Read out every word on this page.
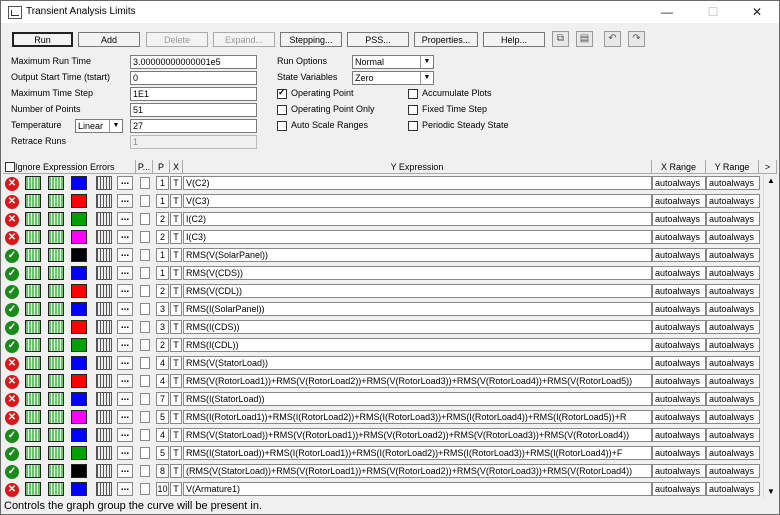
Transient Analysis Limits	—	☐	✕
Run	Add	Delete	Expand...	Stepping...	PSS...	Properties...	Help...	⧉	▤	↶	↷
Maximum Run Time	3.00000000000001e5
Output Start Time (tstart)	0
Maximum Time Step	1E1
Number of Points	51
Temperature	Linear	▼	27
Retrace Runs	1
Run Options	Normal	▼
State Variables	Zero	▼
✓
Operating Point
Operating Point Only
Auto Scale Ranges
Accumulate Plots
Fixed Time Step
Periodic Steady State
Ignore Expression Errors	P... P X	Y Expression	X Range	Y Range	>
✕	...	1 T V(C2)	autoalways autoalways
✕	...	1 T V(C3)	autoalways autoalways
✕	...	2 T I(C2)	autoalways autoalways
✕	...	2 T I(C3)	autoalways autoalways
✓	...	1 T RMS(V(SolarPanel))	autoalways autoalways
✓	...	1 T RMS(V(CDS))	autoalways autoalways
✓	...	2 T RMS(V(CDL))	autoalways autoalways
✓	...	3 T RMS(I(SolarPanel))	autoalways autoalways
✓	...	3 T RMS(I(CDS))	autoalways autoalways
✓	...	2 T RMS(I(CDL))	autoalways autoalways
✕	...	4 T RMS(V(StatorLoad))	autoalways autoalways
✕	...	4 T RMS(V(RotorLoad1))+RMS(V(RotorLoad2))+RMS(V(RotorLoad3))+RMS(V(RotorLoad4))+RMS(V(RotorLoad5))	autoalways autoalways
✕	...	7 T RMS(I(StatorLoad))	autoalways autoalways
✕	...	5 T RMS(I(RotorLoad1))+RMS(I(RotorLoad2))+RMS(I(RotorLoad3))+RMS(I(RotorLoad4))+RMS(I(RotorLoad5))+R	autoalways autoalways
✓	...	4 T RMS(V(StatorLoad))+RMS(V(RotorLoad1))+RMS(V(RotorLoad2))+RMS(V(RotorLoad3))+RMS(V(RotorLoad4))	autoalways autoalways
✓	...	5 T RMS(I(StatorLoad))+RMS(I(RotorLoad1))+RMS(I(RotorLoad2))+RMS(I(RotorLoad3))+RMS(I(RotorLoad4))+F	autoalways autoalways
✓	...	8 T (RMS(V(StatorLoad))+RMS(V(RotorLoad1))+RMS(V(RotorLoad2))+RMS(V(RotorLoad3))+RMS(V(RotorLoad4))	autoalways autoalways
✕	...	10 T V(Armature1)	autoalways autoalways
▲
▼
Controls the graph group the curve will be present in.
